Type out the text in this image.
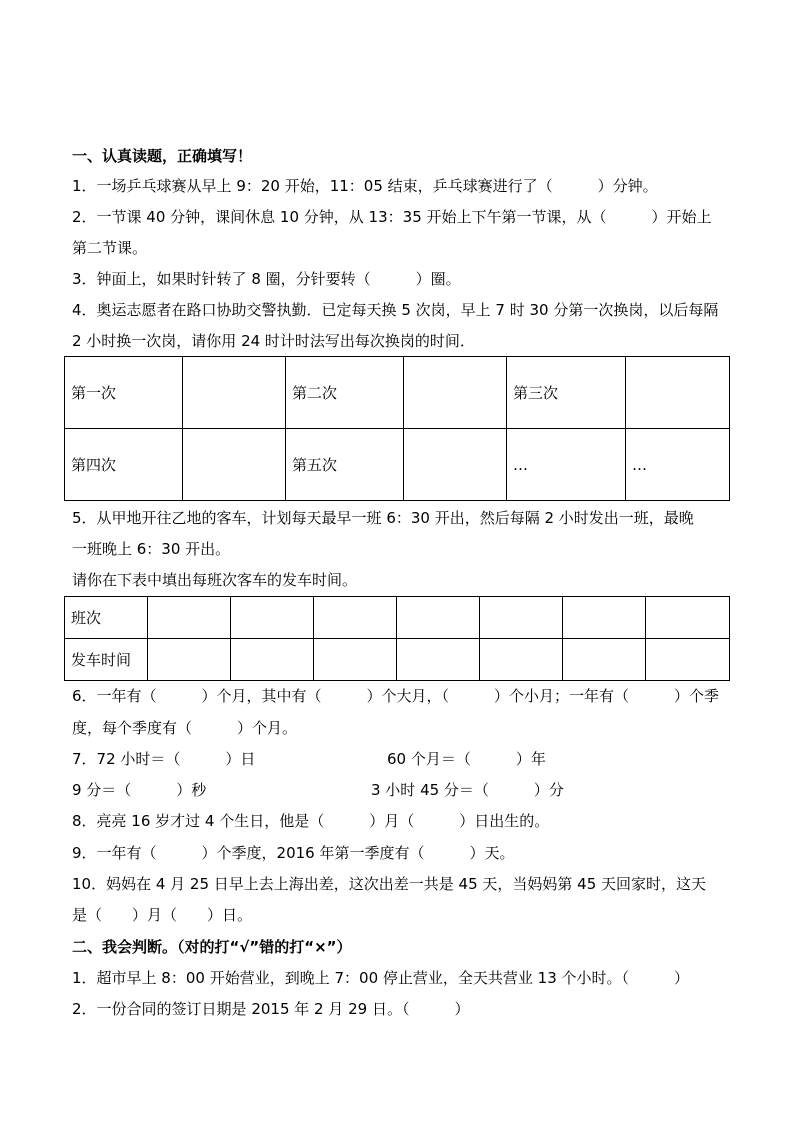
一、认真读题，正确填写！
1．一场乒乓球赛从早上 9：20 开始，11：05 结束，乒乓球赛进行了（　　　）分钟。
2．一节课 40 分钟，课间休息 10 分钟，从 13：35 开始上下午第一节课，从（　　　）开始上
第二节课。
3．钟面上，如果时针转了 8 圈，分针要转（　　　）圈。
4．奥运志愿者在路口协助交警执勤．已定每天换 5 次岗，早上 7 时 30 分第一次换岗，以后每隔
2 小时换一次岗，请你用 24 时计时法写出每次换岗的时间．
第一次		第二次		第三次	
第四次		第五次		…	…
5．从甲地开往乙地的客车，计划每天最早一班 6：30 开出，然后每隔 2 小时发出一班，最晚
一班晚上 6：30 开出。
请你在下表中填出每班次客车的发车时间。
班次							
发车时间							
6．一年有（　　　）个月，其中有（　　　）个大月，（　　　）个小月；一年有（　　　）个季
度，每个季度有（　　　）个月。
7．72 小时＝（　　　）日	60 个月＝（　　　）年
9 分＝（　　　）秒	3 小时 45 分＝（　　　）分
8．亮亮 16 岁才过 4 个生日，他是（　　　）月（　　　）日出生的。
9．一年有（　　　）个季度，2016 年第一季度有（　　　）天。
10．妈妈在 4 月 25 日早上去上海出差，这次出差一共是 45 天，当妈妈第 45 天回家时，这天
是（　　）月（　　）日。
二、我会判断。（对的打“√”错的打“×”）
1．超市早上 8：00 开始营业，到晚上 7：00 停止营业，全天共营业 13 个小时。（　　　）
2．一份合同的签订日期是 2015 年 2 月 29 日。（　　　）
